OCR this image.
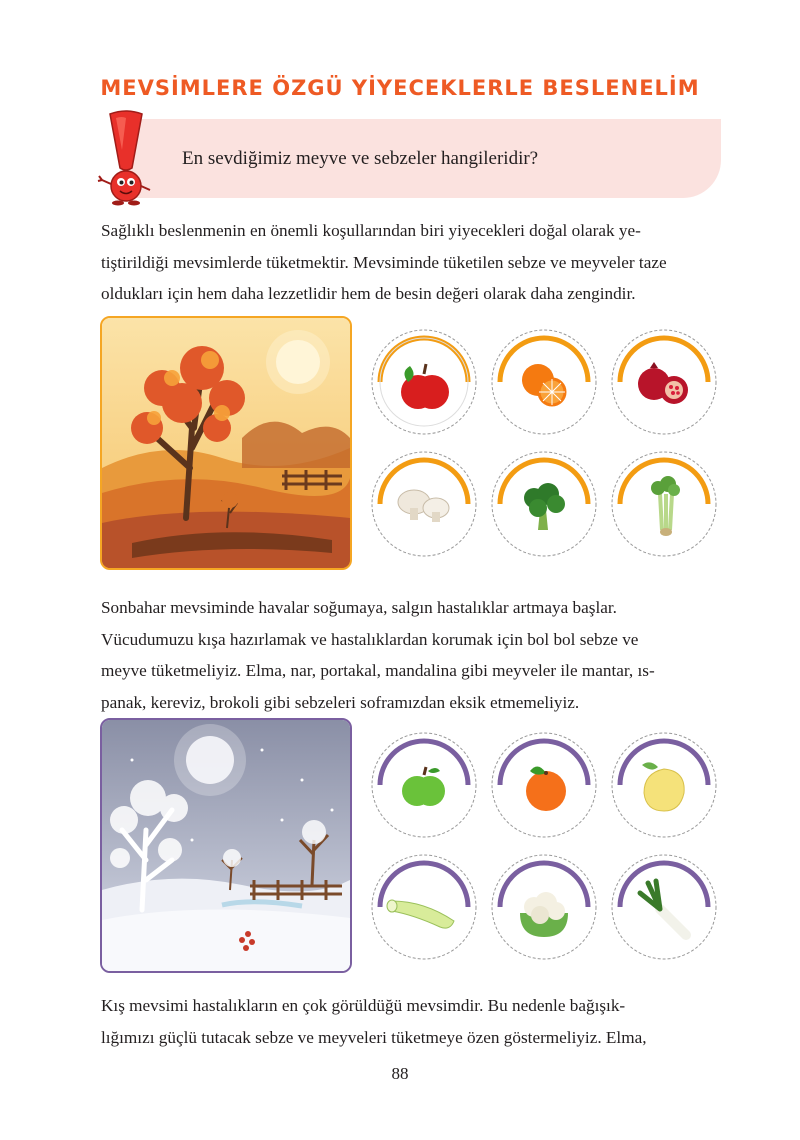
MEVSİMLERE ÖZGÜ YİYECEKLERLE BESLENELİM
En sevdiğimiz meyve ve sebzeler hangileridir?

Sağlıklı beslenmenin en önemli koşullarından biri yiyecekleri doğal olarak ye-
tiştirildiği mevsimlerde tüketmektir. Mevsiminde tüketilen sebze ve meyveler taze
oldukları için hem daha lezzetlidir hem de besin değeri olarak daha zengindir.

Sonbahar mevsiminde havalar soğumaya, salgın hastalıklar artmaya başlar.
Vücudumuzu kışa hazırlamak ve hastalıklardan korumak için bol bol sebze ve
meyve tüketmeliyiz. Elma, nar, portakal, mandalina gibi meyveler ile mantar, ıs-
panak, kereviz, brokoli gibi sebzeleri soframızdan eksik etmemeliyiz.

Kış mevsimi hastalıkların en çok görüldüğü mevsimdir. Bu nedenle bağışık-
lığımızı güçlü tutacak sebze ve meyveleri tüketmeye özen göstermeliyiz. Elma,

88
